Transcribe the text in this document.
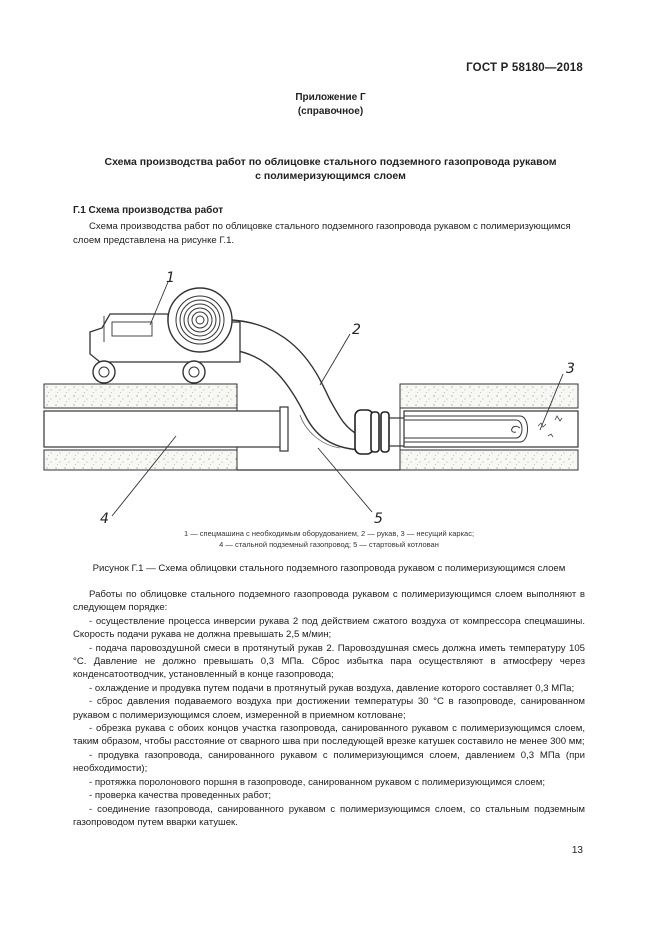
ГОСТ Р 58180—2018
Приложение Г
(справочное)
Схема производства работ по облицовке стального подземного газопровода рукавом
с полимеризующимся слоем
Г.1 Схема производства работ
Схема производства работ по облицовке стального подземного газопровода рукавом с полимеризующимся
слоем представлена на рисунке Г.1.
1
2
3
4	5
1 — спецмашина с необходимым оборудованием, 2 — рукав, 3 — несущий каркас;
4 — стальной подземный газопровод; 5 — стартовый котлован
Рисунок Г.1 — Схема облицовки стального подземного газопровода рукавом с полимеризующимся слоем

Работы по облицовке стального подземного газопровода рукавом с полимеризующимся слоем выполняют в следующем порядке:

- осуществление процесса инверсии рукава 2 под действием сжатого воздуха от компрессора спецмашины. Скорость подачи рукава не должна превышать 2,5 м/мин;

- подача паровоздушной смеси в протянутый рукав 2. Паровоздушная смесь должна иметь температуру 105 °С. Давление не должно превышать 0,3 МПа. Сброс избытка пара осуществляют в атмосферу через конденсатоотводчик, установленный в конце газопровода;

- охлаждение и продувка путем подачи в протянутый рукав воздуха, давление которого составляет 0,3 МПа;

- сброс давления подаваемого воздуха при достижении температуры 30 °С в газопроводе, санированном рукавом с полимеризующимся слоем, измеренной в приемном котловане;

- обрезка рукава с обоих концов участка газопровода, санированного рукавом с полимеризующимся слоем, таким образом, чтобы расстояние от сварного шва при последующей врезке катушек составило не менее 300 мм;

- продувка газопровода, санированного рукавом с полимеризующимся слоем, давлением 0,3 МПа (при необходимости);

- протяжка поролонового поршня в газопроводе, санированном рукавом с полимеризующимся слоем;

- проверка качества проведенных работ;

- соединение газопровода, санированного рукавом с полимеризующимся слоем, со стальным подземным газопроводом путем вварки катушек.

13
